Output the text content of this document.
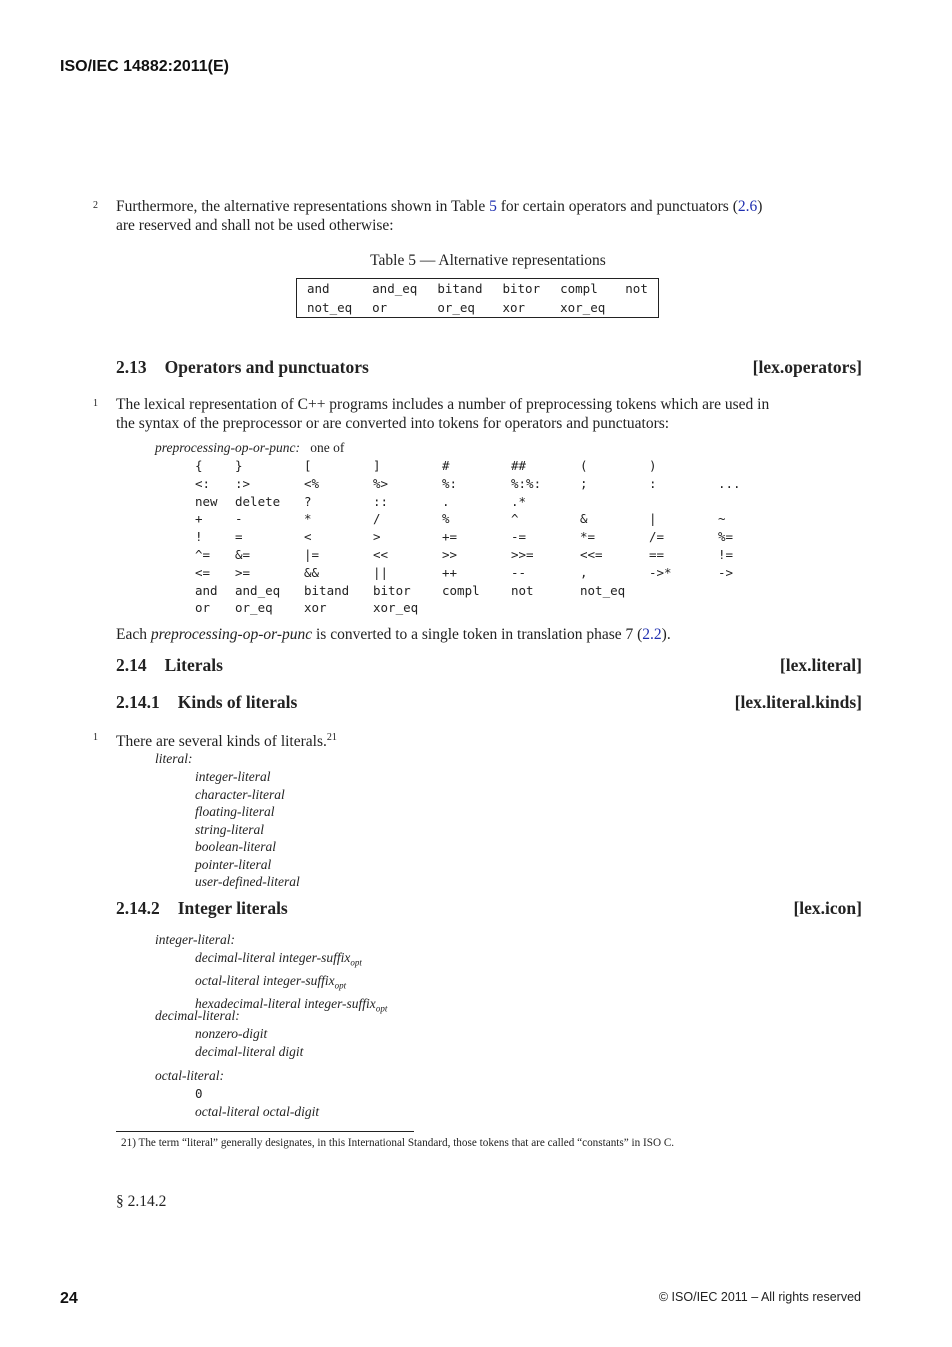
ISO/IEC 14882:2011(E)
2 Furthermore, the alternative representations shown in Table 5 for certain operators and punctuators (2.6)
are reserved and shall not be used otherwise:
Table 5 — Alternative representations
and	and_eq	bitand	bitor	compl	not
not_eq	or	or_eq	xor	xor_eq	
2.13 Operators and punctuators	[lex.operators]
1 The lexical representation of C++ programs includes a number of preprocessing tokens which are used in
the syntax of the preprocessor or are converted into tokens for operators and punctuators:
preprocessing-op-or-punc: one of
{	}	[	]	#	##	(	)	
<:	:>	<%	%>	%:	%:%:	;	:	...
new	delete	?	::	.	.*			
+	-	*	/	%	^	&	|	~
!	=	<	>	+=	-=	*=	/=	%=
^=	&=	|=	<<	>>	>>=	<<=	==	!=
<=	>=	&&	||	++	--	,	->*	->
and	and_eq	bitand	bitor	compl	not	not_eq		
or	or_eq	xor	xor_eq					
Each preprocessing-op-or-punc is converted to a single token in translation phase 7 (2.2).
2.14 Literals	[lex.literal]
2.14.1 Kinds of literals	[lex.literal.kinds]
1 There are several kinds of literals.$^{21}$
literal:
integer-literal
character-literal
floating-literal
string-literal
boolean-literal
pointer-literal
user-defined-literal
2.14.2 Integer literals	[lex.icon]
integer-literal:
decimal-literal integer-suffix$_{opt}$
octal-literal integer-suffix$_{opt}$
hexadecimal-literal integer-suffix$_{opt}$
decimal-literal:
nonzero-digit
decimal-literal digit
octal-literal:
0
octal-literal octal-digit
21) The term “literal” generally designates, in this International Standard, those tokens that are called “constants” in ISO C.
§ 2.14.2
24	© ISO/IEC 2011 – All rights reserved
